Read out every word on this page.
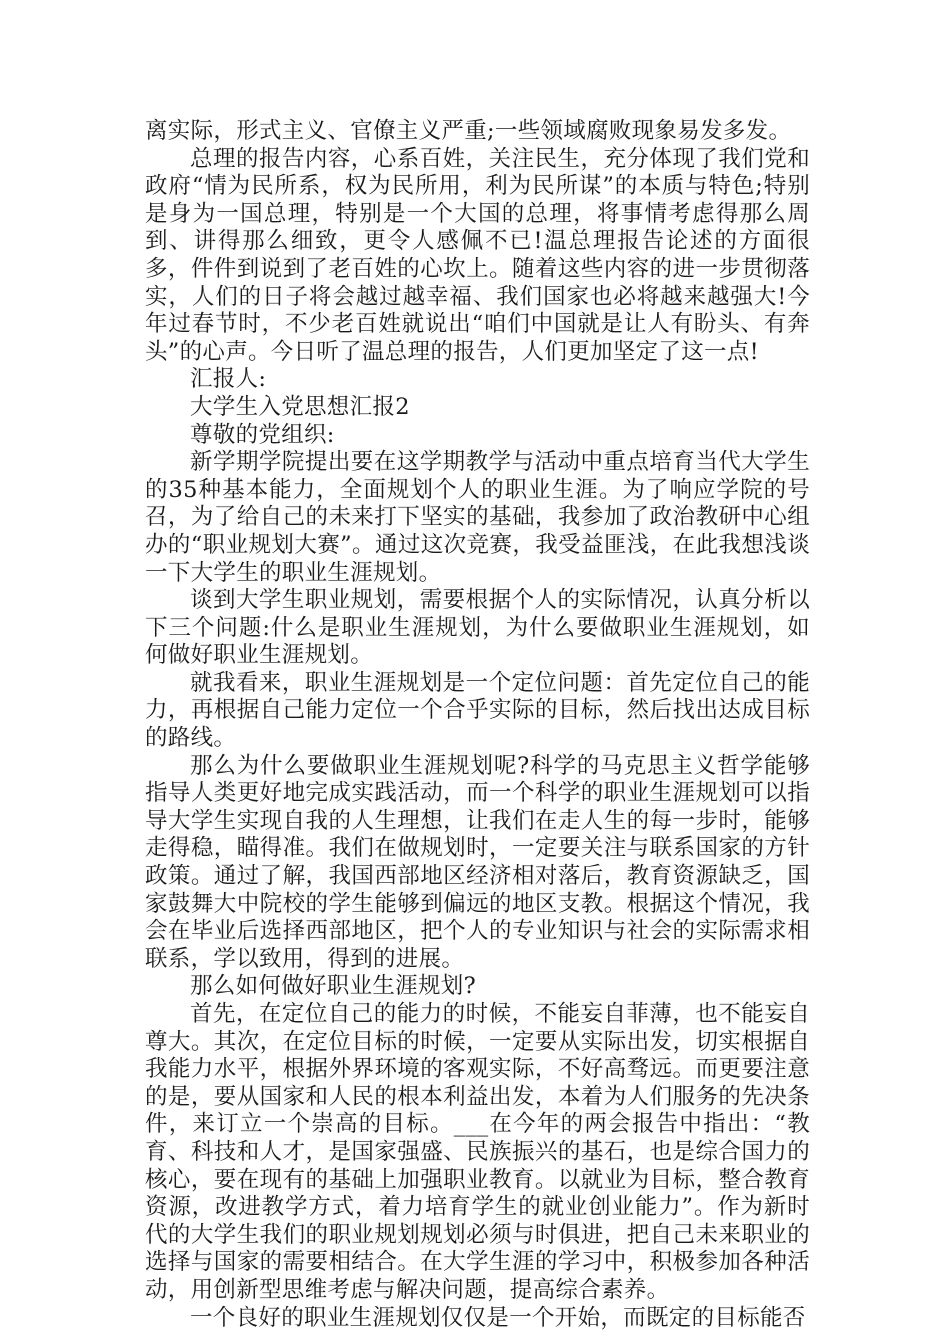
离实际，形式主义、官僚主义严重;一些领域腐败现象易发多发。

总理的报告内容，心系百姓，关注民生，充分体现了我们党和政府“情为民所系，权为民所用，利为民所谋”的本质与特色;特别是身为一国总理，特别是一个大国的总理，将事情考虑得那么周到、讲得那么细致，更令人感佩不已!温总理报告论述的方面很多，件件到说到了老百姓的心坎上。随着这些内容的进一步贯彻落实，人们的日子将会越过越幸福、我们国家也必将越来越强大!今年过春节时，不少老百姓就说出“咱们中国就是让人有盼头、有奔头”的心声。今日听了温总理的报告，人们更加坚定了这一点!

汇报人:

大学生入党思想汇报2

尊敬的党组织:

新学期学院提出要在这学期教学与活动中重点培育当代大学生的35种基本能力，全面规划个人的职业生涯。为了响应学院的号召，为了给自己的未来打下坚实的基础，我参加了政治教研中心组办的“职业规划大赛”。通过这次竞赛，我受益匪浅，在此我想浅谈一下大学生的职业生涯规划。

谈到大学生职业规划，需要根据个人的实际情况，认真分析以下三个问题:什么是职业生涯规划，为什么要做职业生涯规划，如何做好职业生涯规划。

就我看来，职业生涯规划是一个定位问题：首先定位自己的能力，再根据自己能力定位一个合乎实际的目标，然后找出达成目标的路线。

那么为什么要做职业生涯规划呢?科学的马克思主义哲学能够指导人类更好地完成实践活动，而一个科学的职业生涯规划可以指导大学生实现自我的人生理想，让我们在走人生的每一步时，能够走得稳，瞄得准。我们在做规划时，一定要关注与联系国家的方针政策。通过了解，我国西部地区经济相对落后，教育资源缺乏，国家鼓舞大中院校的学生能够到偏远的地区支教。根据这个情况，我会在毕业后选择西部地区，把个人的专业知识与社会的实际需求相联系，学以致用，得到的进展。

那么如何做好职业生涯规划?

首先，在定位自己的能力的时候，不能妄自菲薄，也不能妄自尊大。其次，在定位目标的时候，一定要从实际出发，切实根据自我能力水平，根据外界环境的客观实际，不好高骛远。而更要注意的是，要从国家和人民的根本利益出发，本着为人们服务的先决条件，来订立一个崇高的目标。___在今年的两会报告中指出：“教育、科技和人才，是国家强盛、民族振兴的基石，也是综合国力的核心，要在现有的基础上加强职业教育。以就业为目标，整合教育资源，改进教学方式，着力培育学生的就业创业能力”。作为新时代的大学生我们的职业规划规划必须与时俱进，把自己未来职业的选择与国家的需要相结合。在大学生涯的学习中，积极参加各种活动，用创新型思维考虑与解决问题，提高综合素养。

一个良好的职业生涯规划仅仅是一个开始，而既定的目标能否
